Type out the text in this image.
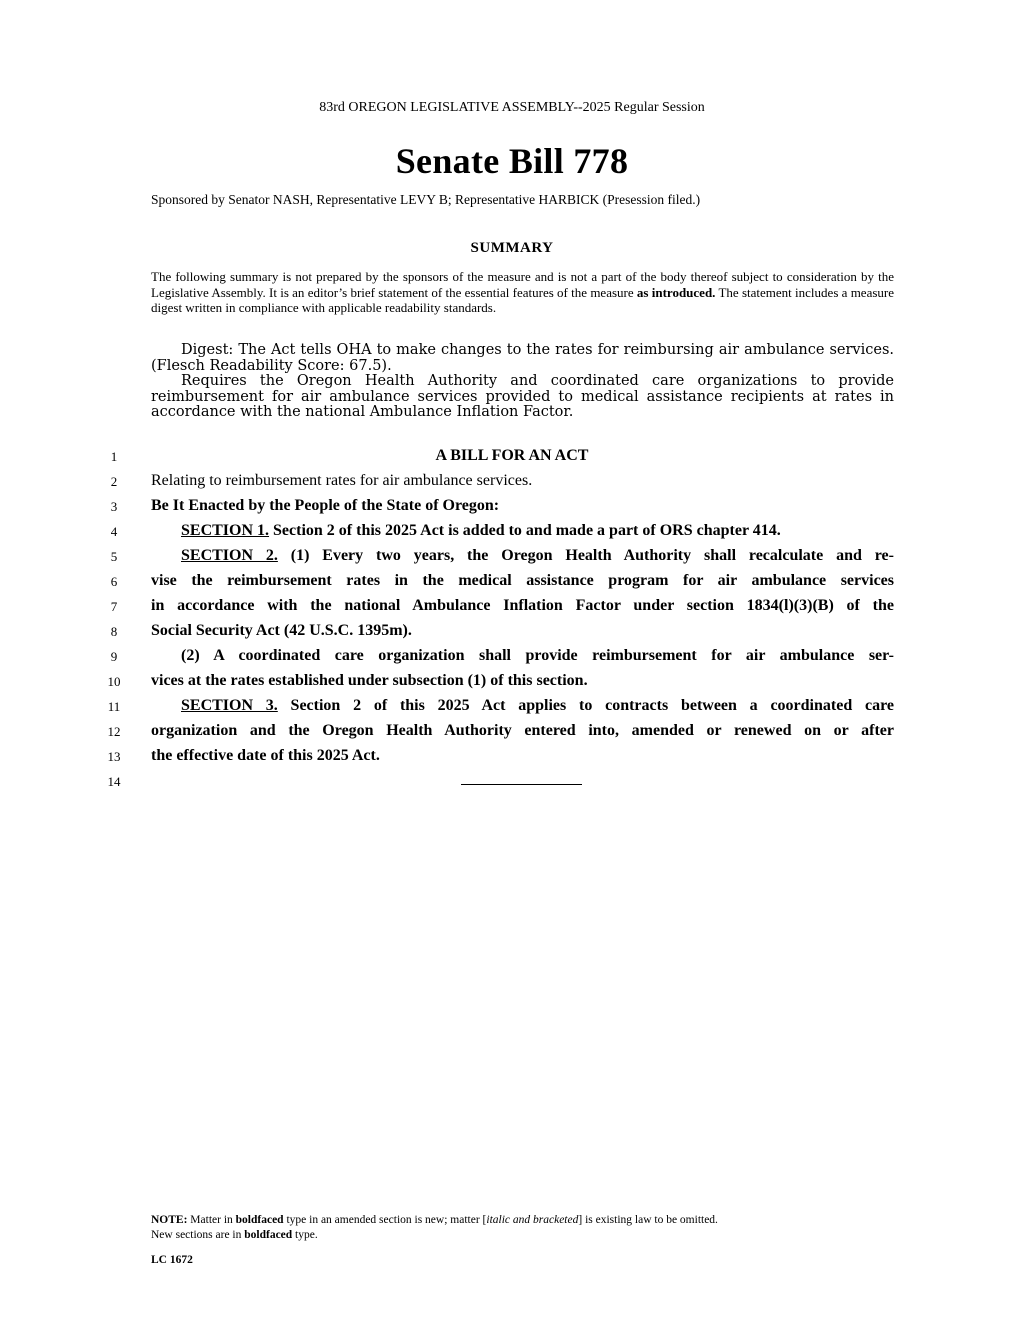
83rd OREGON LEGISLATIVE ASSEMBLY--2025 Regular Session
Senate Bill 778
Sponsored by Senator NASH, Representative LEVY B; Representative HARBICK (Presession filed.)
SUMMARY
The following summary is not prepared by the sponsors of the measure and is not a part of the body thereof subject to consideration by the Legislative Assembly. It is an editor’s brief statement of the essential features of the measure as introduced. The statement includes a measure digest written in compliance with applicable readability standards.

Digest: The Act tells OHA to make changes to the rates for reimbursing air ambulance services. (Flesch Readability Score: 67.5).

Requires the Oregon Health Authority and coordinated care organizations to provide reimbursement for air ambulance services provided to medical assistance recipients at rates in accordance with the national Ambulance Inflation Factor.

1	A BILL FOR AN ACT
2	Relating to reimbursement rates for air ambulance services.
3	Be It Enacted by the People of the State of Oregon:
4	SECTION 1. Section 2 of this 2025 Act is added to and made a part of ORS chapter 414.
5	SECTION 2. (1) Every two years, the Oregon Health Authority shall recalculate and re-
6	vise the reimbursement rates in the medical assistance program for air ambulance services
7	in accordance with the national Ambulance Inflation Factor under section 1834(l)(3)(B) of the
8	Social Security Act (42 U.S.C. 1395m).
9	(2) A coordinated care organization shall provide reimbursement for air ambulance ser-
10	vices at the rates established under subsection (1) of this section.
11	SECTION 3. Section 2 of this 2025 Act applies to contracts between a coordinated care
12	organization and the Oregon Health Authority entered into, amended or renewed on or after
13	the effective date of this 2025 Act.
14

NOTE: Matter in boldfaced type in an amended section is new; matter [italic and bracketed] is existing law to be omitted.

New sections are in boldfaced type.

LC 1672
